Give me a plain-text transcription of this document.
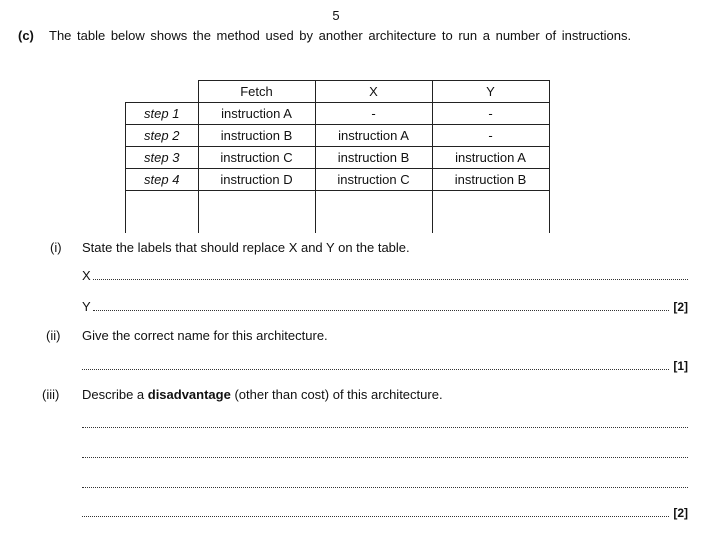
5
(c) The table below shows the method used by another architecture to run a number of instructions.
	Fetch	X	Y
step 1	instruction A	-	-
step 2	instruction B	instruction A	-
step 3	instruction C	instruction B	instruction A
step 4	instruction D	instruction C	instruction B

(i) State the labels that should replace X and Y on the table.
X
Y	[2]
(ii) Give the correct name for this architecture.
[1]
(iii) Describe a disadvantage (other than cost) of this architecture.
[2]
